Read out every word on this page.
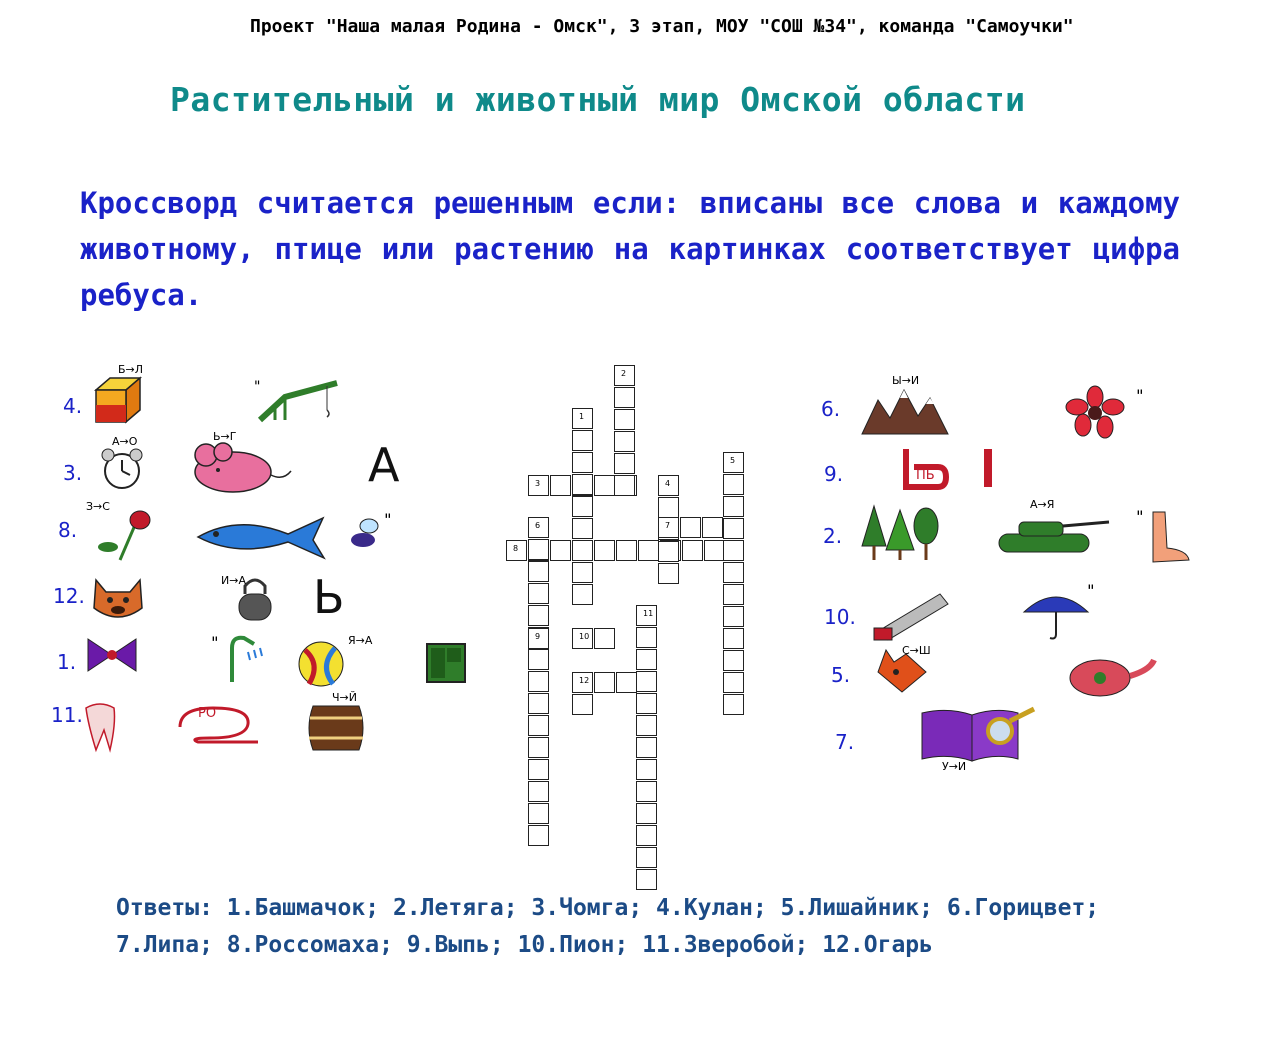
Проект "Наша малая Родина - Омск", 3 этап, МОУ "СОШ №34", команда "Самоучки"
Растительный и животный мир Омской области
Кроссворд считается решенным если: вписаны все слова и каждому животному, птице или растению на картинках соответствует цифра ребуса.
4.
3.
8.
12.
1.
11.
Б→Л
"
А→О	Ь→Г
А
З→С
"
И→А Ь
"	Я→А
РО
Ч→Й
2
1
3	4
5
6	7
8
9	10
11
12
6.
9.
2.
10.
5.
7.
Ы→И
"
ПЬ
А→Я
"
"
С→Ш
У→И
Ответы: 1.Башмачок; 2.Летяга; 3.Чомга; 4.Кулан; 5.Лишайник; 6.Горицвет;
7.Липа; 8.Россомаха; 9.Выпь; 10.Пион; 11.Зверобой; 12.Огарь
